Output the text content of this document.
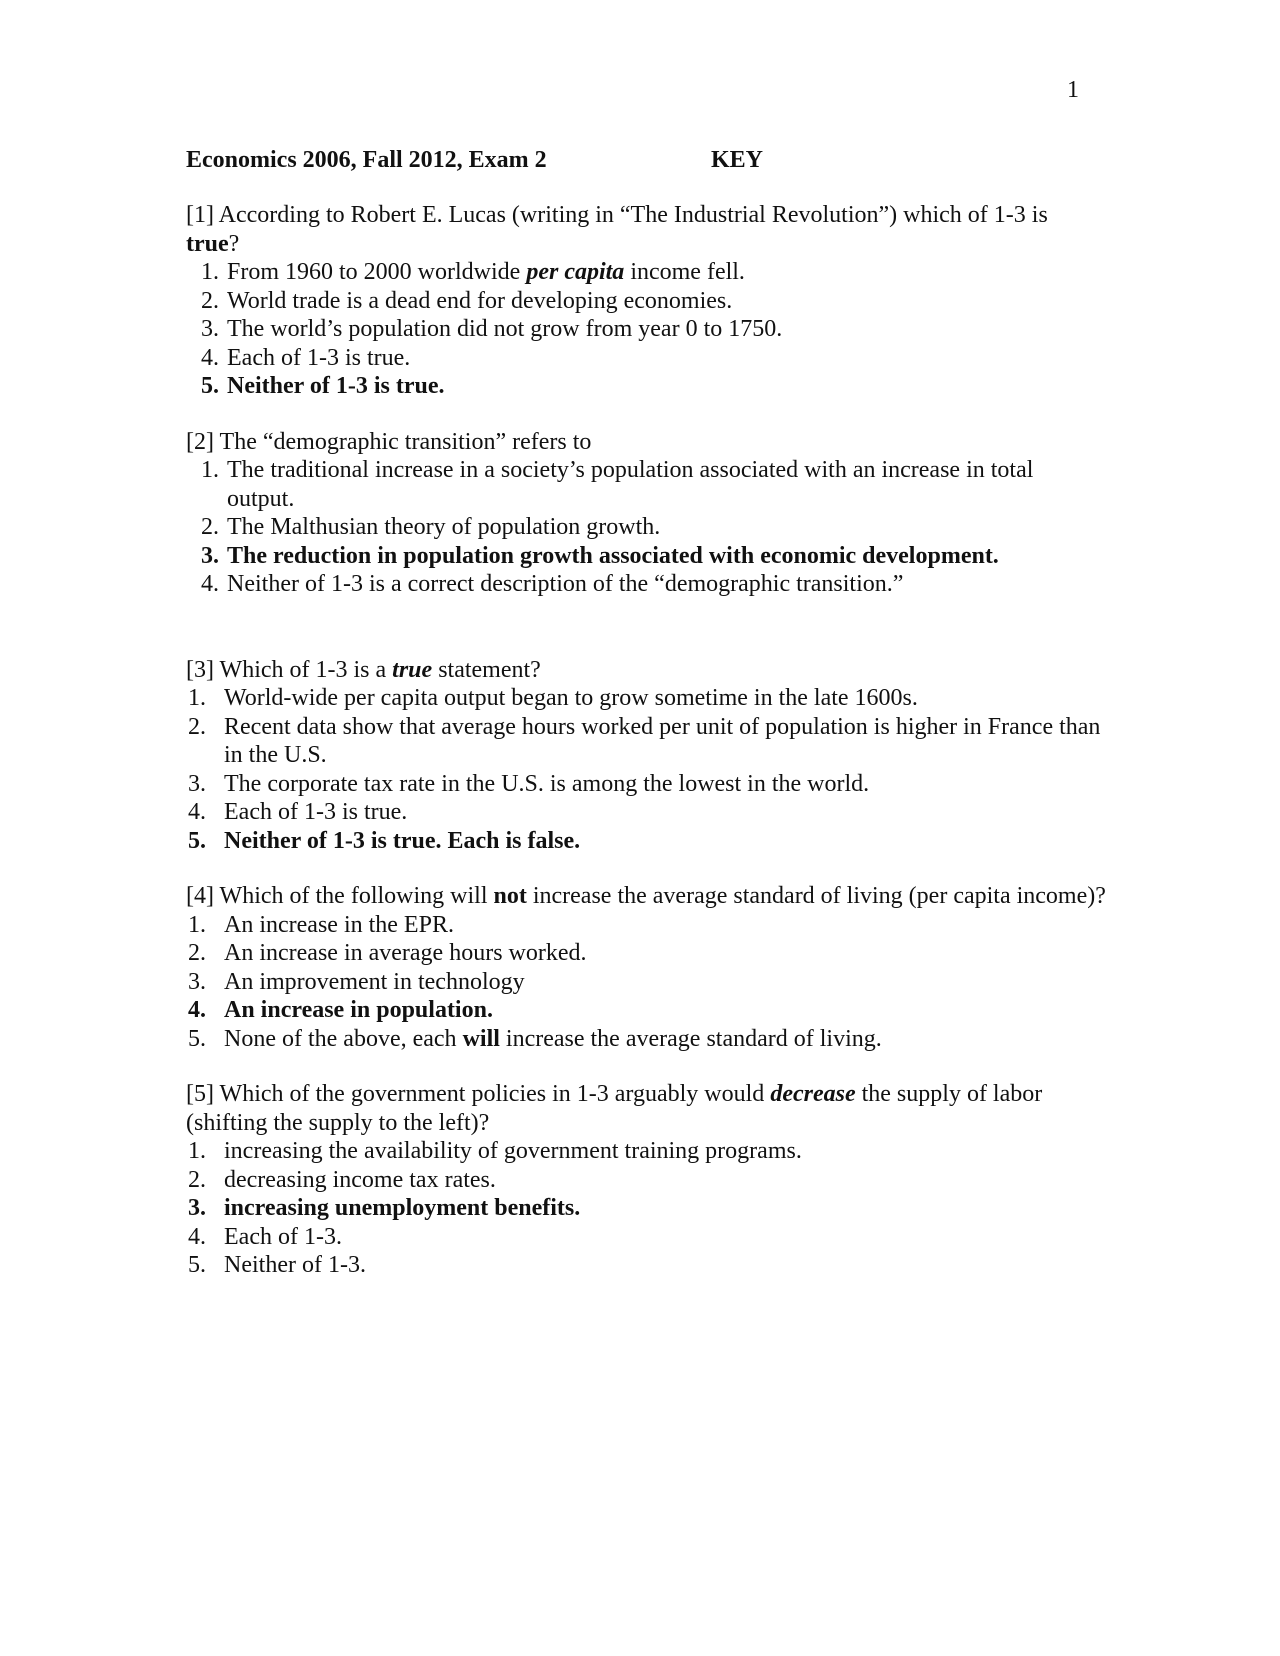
1
Economics 2006, Fall 2012, Exam 2	KEY

[1] According to Robert E. Lucas (writing in “The Industrial Revolution”) which of 1-3 is true?

1. From 1960 to 2000 worldwide per capita income fell.
2. World trade is a dead end for developing economies.
3. The world’s population did not grow from year 0 to 1750.
4. Each of 1-3 is true.
5. Neither of 1-3 is true.

[2] The “demographic transition” refers to

1. The traditional increase in a society’s population associated with an increase in total output.
2. The Malthusian theory of population growth.
3. The reduction in population growth associated with economic development.
4. Neither of 1-3 is a correct description of the “demographic transition.”

[3] Which of 1-3 is a true statement?

1. World-wide per capita output began to grow sometime in the late 1600s.
2. Recent data show that average hours worked per unit of population is higher in France than in the U.S.
3. The corporate tax rate in the U.S. is among the lowest in the world.
4. Each of 1-3 is true.
5. Neither of 1-3 is true. Each is false.

[4] Which of the following will not increase the average standard of living (per capita income)?

1. An increase in the EPR.
2. An increase in average hours worked.
3. An improvement in technology
4. An increase in population.
5. None of the above, each will increase the average standard of living.

[5] Which of the government policies in 1-3 arguably would decrease the supply of labor (shifting the supply to the left)?

1. increasing the availability of government training programs.
2. decreasing income tax rates.
3. increasing unemployment benefits.
4. Each of 1-3.
5. Neither of 1-3.
